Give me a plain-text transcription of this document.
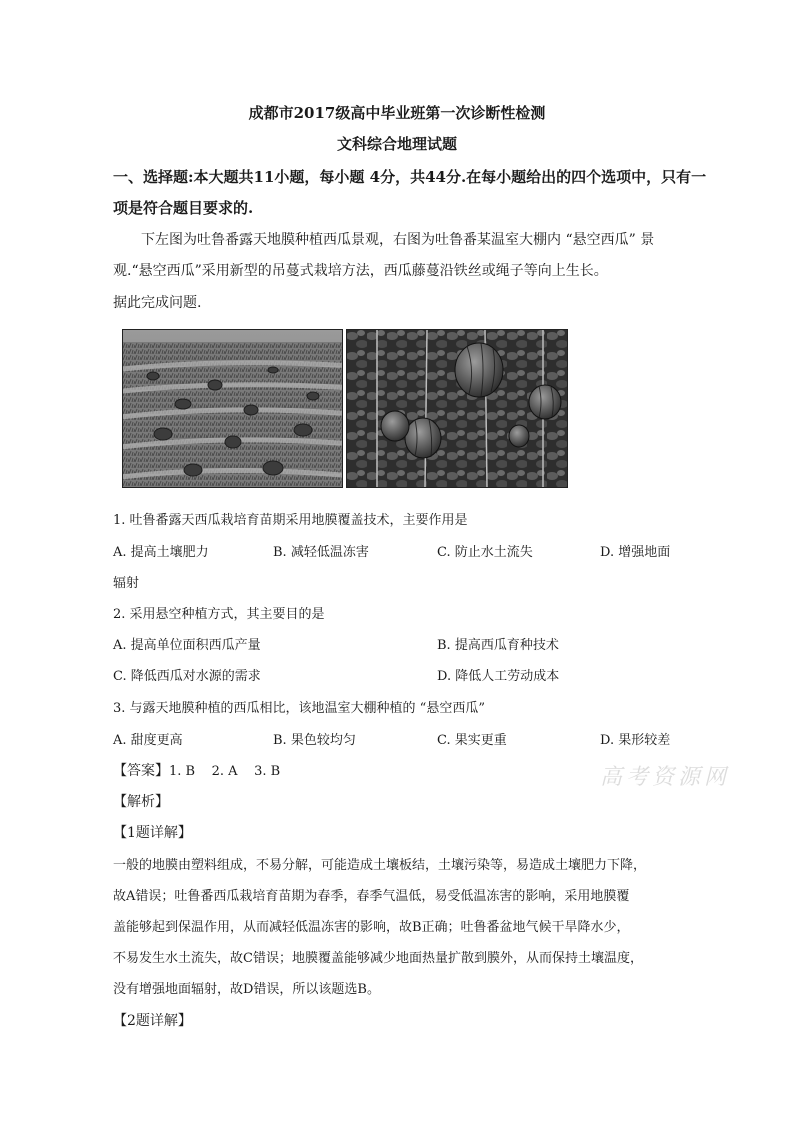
成都市2017级高中毕业班第一次诊断性检测
文科综合地理试题
一、选择题:本大题共11小题，每小题 4分，共44分.在每小题给出的四个选项中，只有一
项是符合题目要求的.
下左图为吐鲁番露天地膜种植西瓜景观，右图为吐鲁番某温室大棚内 “悬空西瓜” 景
观.“悬空西瓜”采用新型的吊蔓式栽培方法，西瓜藤蔓沿铁丝或绳子等向上生长。
据此完成问题.
1. 吐鲁番露天西瓜栽培育苗期采用地膜覆盖技术，主要作用是
A. 提高土壤肥力	B. 减轻低温冻害	C. 防止水土流失	D. 增强地面
辐射
2. 采用悬空种植方式，其主要目的是
A. 提高单位面积西瓜产量	B. 提高西瓜育种技术
C. 降低西瓜对水源的需求	D. 降低人工劳动成本
3. 与露天地膜种植的西瓜相比，该地温室大棚种植的 “悬空西瓜”
A. 甜度更高	B. 果色较均匀	C. 果实更重	D. 果形较差
【答案】1. B    2. A    3. B
【解析】
【1题详解】
一般的地膜由塑料组成，不易分解，可能造成土壤板结，土壤污染等，易造成土壤肥力下降，
故A错误；吐鲁番西瓜栽培育苗期为春季，春季气温低，易受低温冻害的影响，采用地膜覆
盖能够起到保温作用，从而减轻低温冻害的影响，故B正确；吐鲁番盆地气候干旱降水少，
不易发生水土流失，故C错误；地膜覆盖能够减少地面热量扩散到膜外，从而保持土壤温度，
没有增强地面辐射，故D错误，所以该题选B。
【2题详解】
高考资源网
